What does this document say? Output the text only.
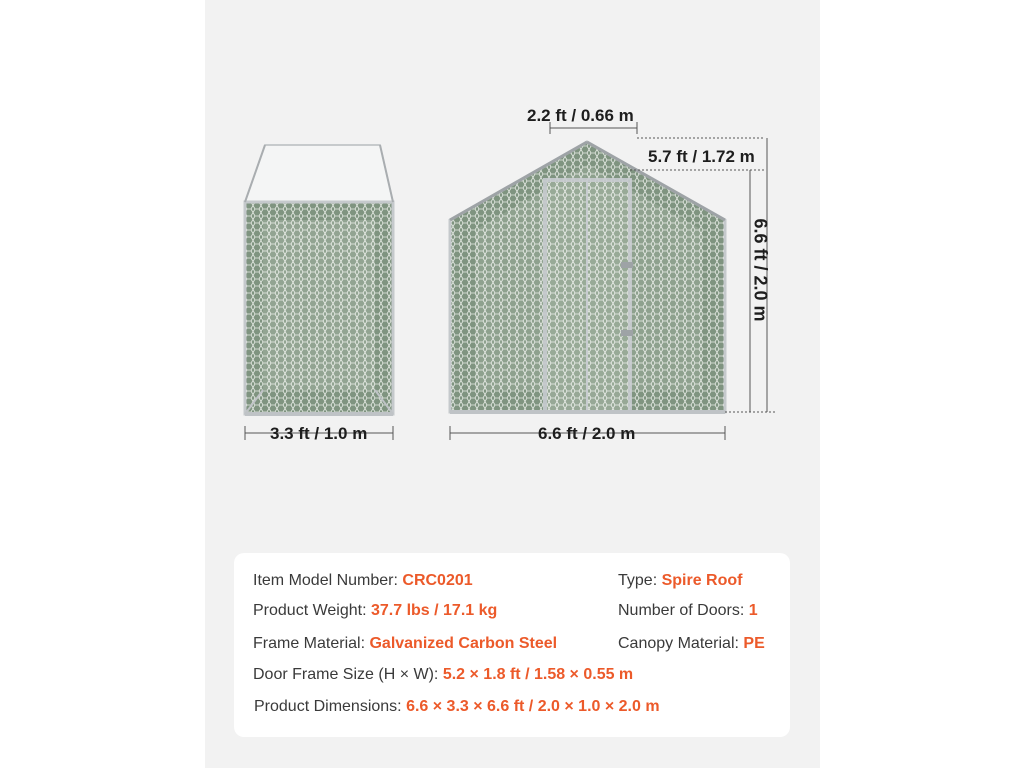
2.2 ft / 0.66 m
5.7 ft / 1.72 m
6.6 ft / 2.0 m
3.3 ft / 1.0 m	6.6 ft / 2.0 m
Item Model Number: CRC0201	Type: Spire Roof
Product Weight: 37.7 lbs / 17.1 kg	Number of Doors: 1
Frame Material: Galvanized Carbon Steel	Canopy Material: PE
Door Frame Size (H × W): 5.2 × 1.8 ft / 1.58 × 0.55 m
Product Dimensions: 6.6 × 3.3 × 6.6 ft / 2.0 × 1.0 × 2.0 m
